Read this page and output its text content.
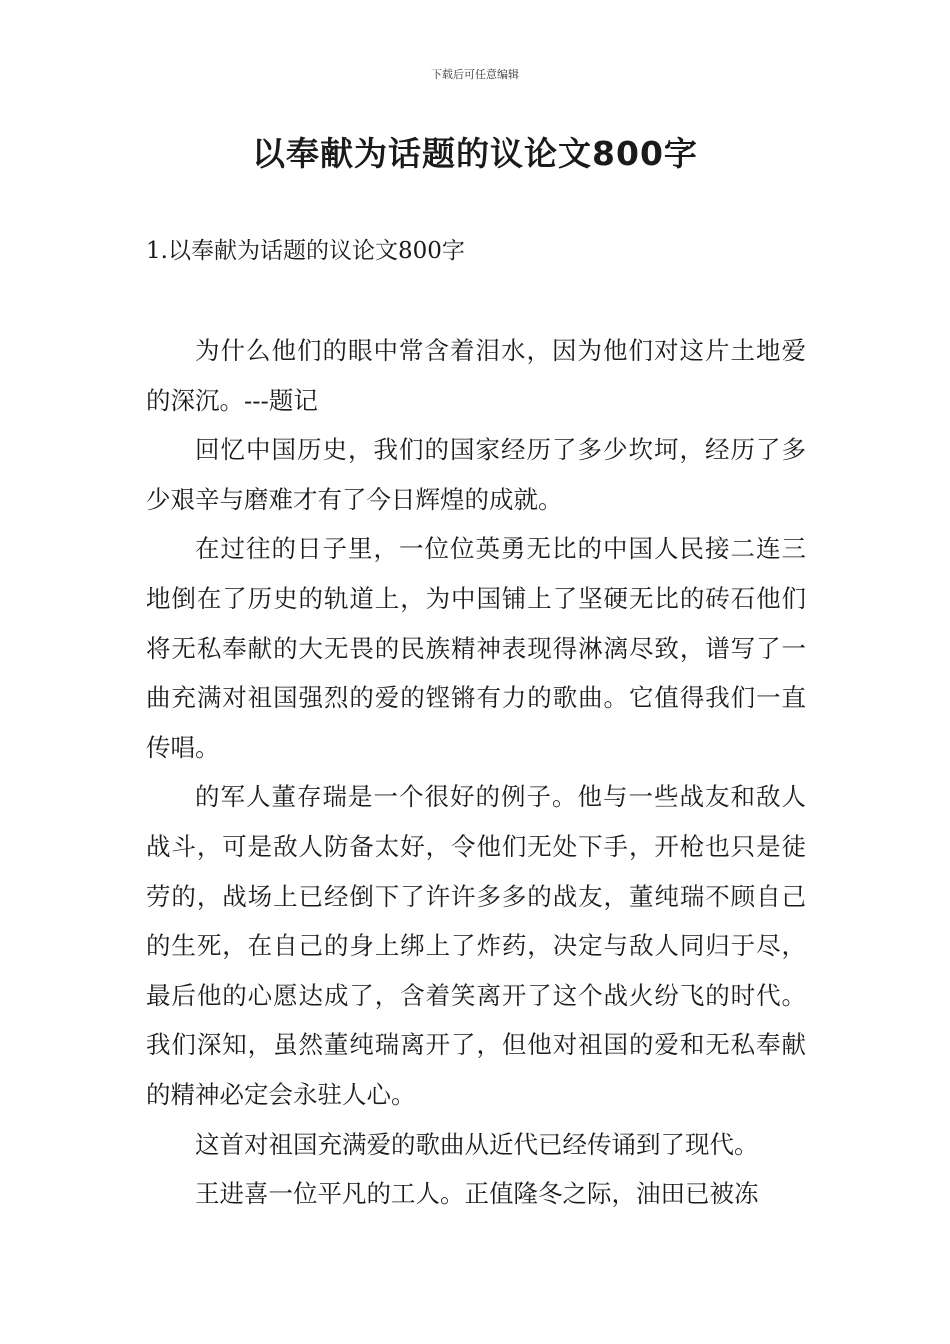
下载后可任意编辑
以奉献为话题的议论文800字
1.以奉献为话题的议论文800字

为什么他们的眼中常含着泪水，因为他们对这片土地爱的深沉。---题记

回忆中国历史，我们的国家经历了多少坎坷，经历了多少艰辛与磨难才有了今日辉煌的成就。

在过往的日子里，一位位英勇无比的中国人民接二连三地倒在了历史的轨道上，为中国铺上了坚硬无比的砖石他们将无私奉献的大无畏的民族精神表现得淋漓尽致，谱写了一曲充满对祖国强烈的爱的铿锵有力的歌曲。它值得我们一直传唱。

的军人董存瑞是一个很好的例子。他与一些战友和敌人战斗，可是敌人防备太好，令他们无处下手，开枪也只是徒劳的，战场上已经倒下了许许多多的战友，董纯瑞不顾自己的生死，在自己的身上绑上了炸药，决定与敌人同归于尽，最后他的心愿达成了，含着笑离开了这个战火纷飞的时代。我们深知，虽然董纯瑞离开了，但他对祖国的爱和无私奉献的精神必定会永驻人心。

这首对祖国充满爱的歌曲从近代已经传诵到了现代。

王进喜一位平凡的工人。正值隆冬之际，油田已被冻
